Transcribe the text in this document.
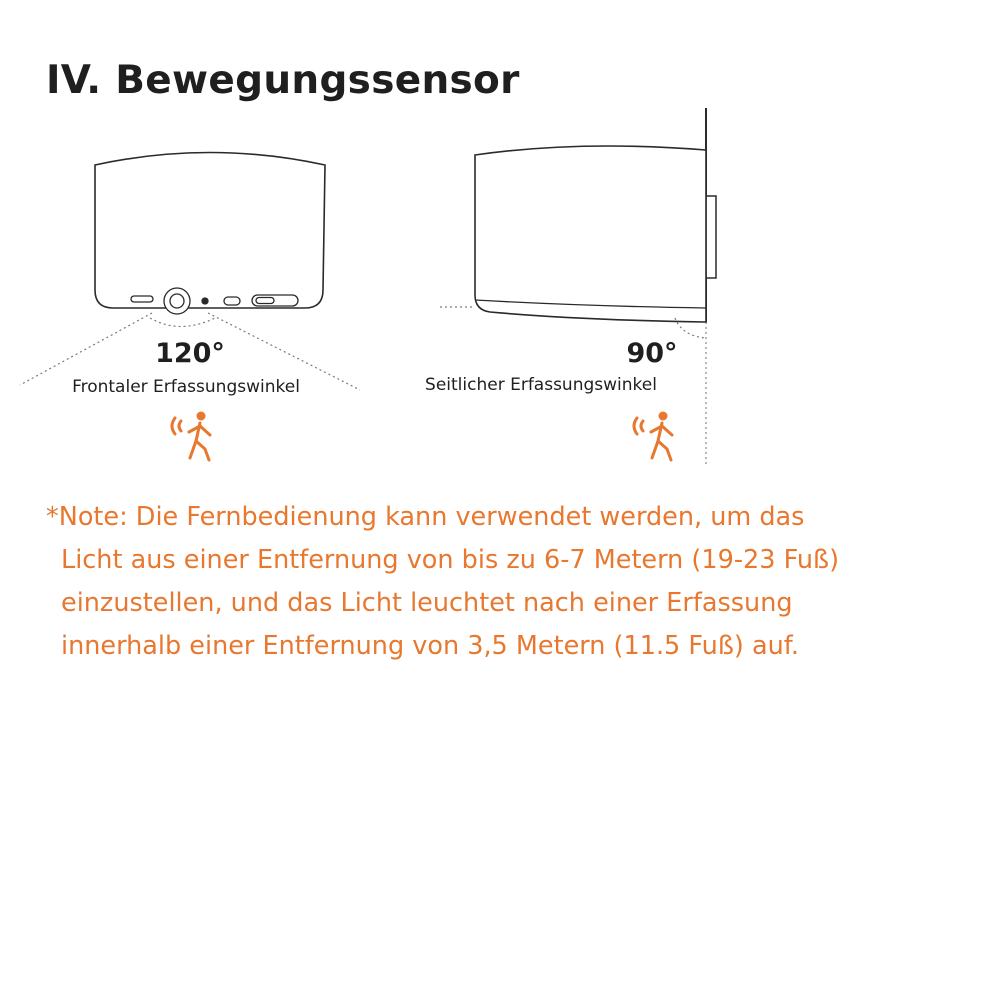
IV. Bewegungssensor
120°
Frontaler Erfassungswinkel
90°
Seitlicher Erfassungswinkel

*Note: Die Fernbedienung kann verwendet werden, um das
Licht aus einer Entfernung von bis zu 6-7 Metern (19-23 Fuß)
einzustellen, und das Licht leuchtet nach einer Erfassung
innerhalb einer Entfernung von 3,5 Metern (11.5 Fuß) auf.
